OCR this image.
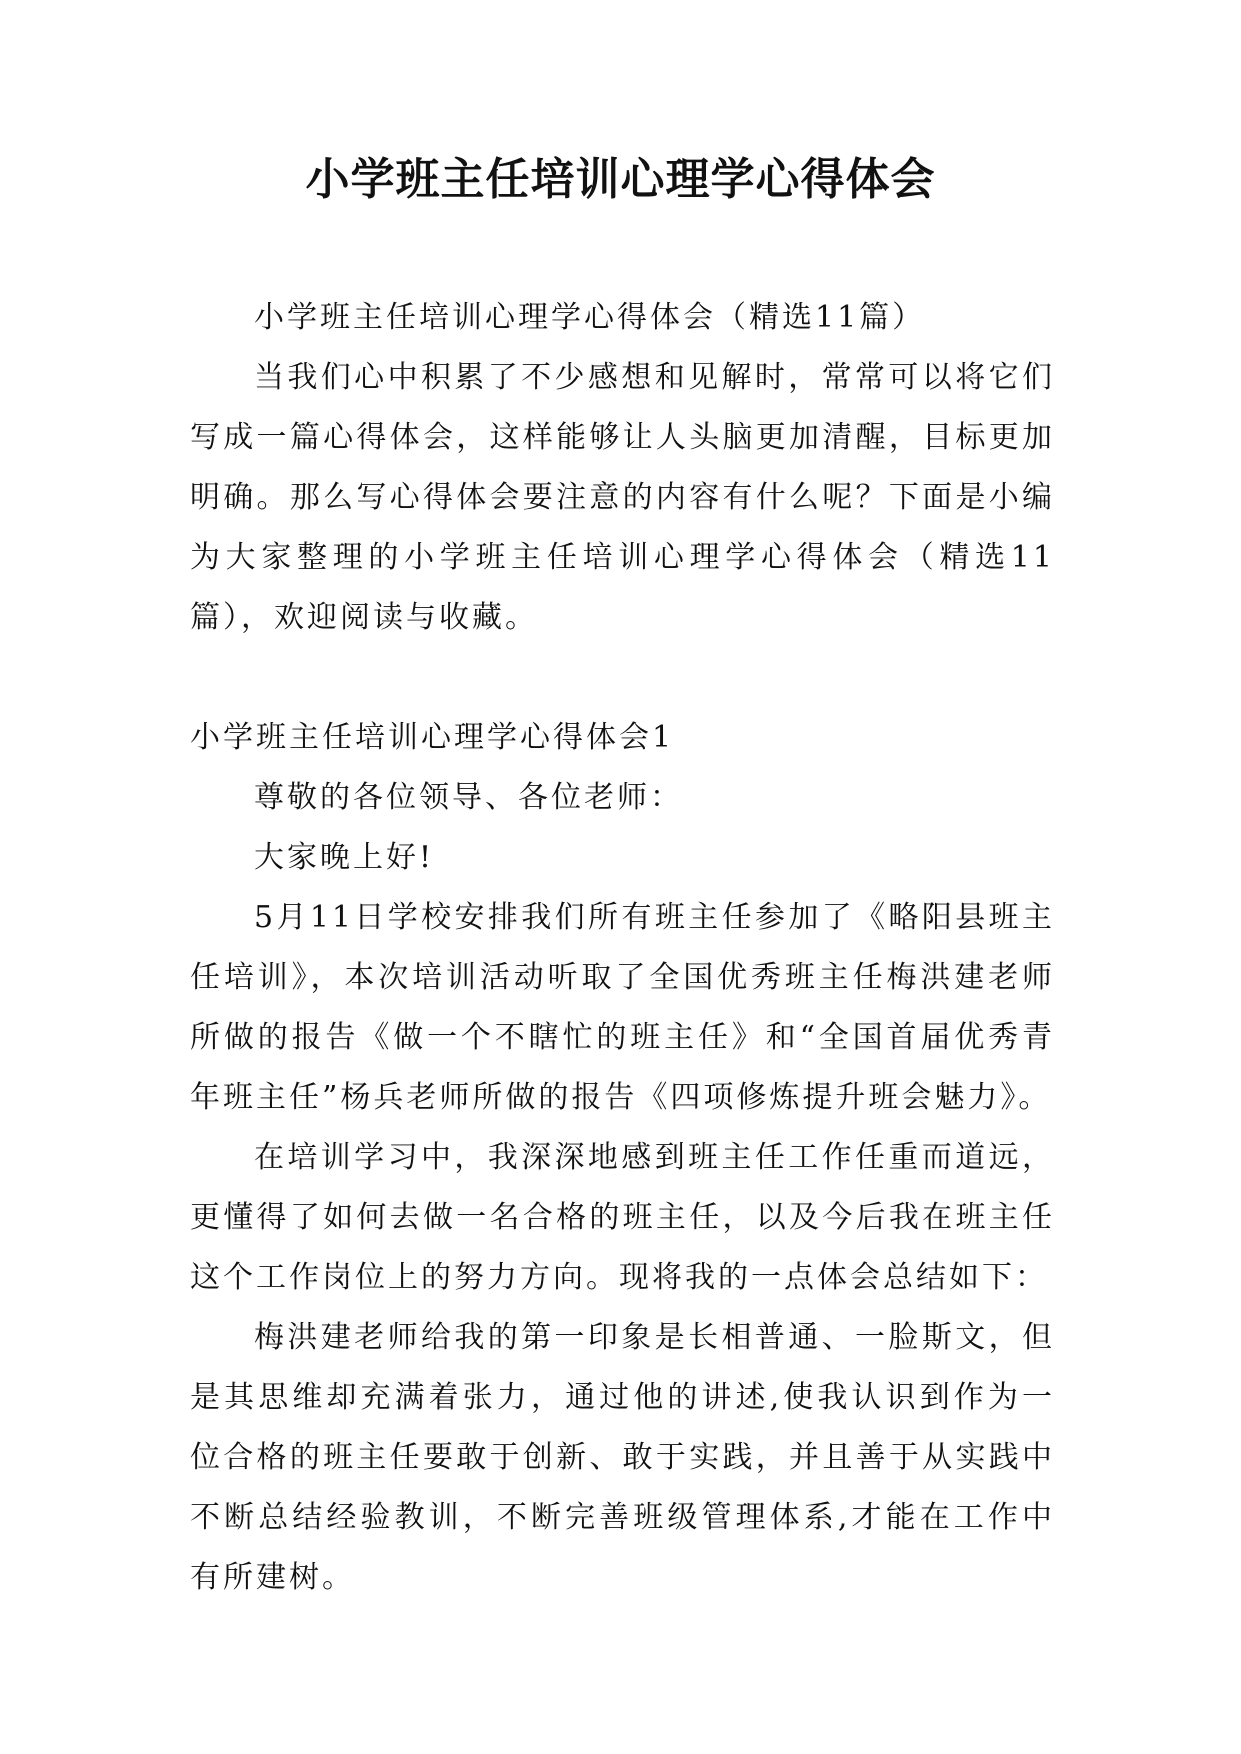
小学班主任培训心理学心得体会

小学班主任培训心理学心得体会（精选11篇）

当我们心中积累了不少感想和见解时，常常可以将它们写成一篇心得体会，这样能够让人头脑更加清醒，目标更加明确。那么写心得体会要注意的内容有什么呢？下面是小编为大家整理的小学班主任培训心理学心得体会（精选11篇），欢迎阅读与收藏。

小学班主任培训心理学心得体会1

尊敬的各位领导、各位老师：

大家晚上好!

5月11日学校安排我们所有班主任参加了《略阳县班主任培训》，本次培训活动听取了全国优秀班主任梅洪建老师所做的报告《做一个不瞎忙的班主任》和“全国首届优秀青年班主任”杨兵老师所做的报告《四项修炼提升班会魅力》。

在培训学习中，我深深地感到班主任工作任重而道远，更懂得了如何去做一名合格的班主任，以及今后我在班主任这个工作岗位上的努力方向。现将我的一点体会总结如下：

梅洪建老师给我的第一印象是长相普通、一脸斯文，但是其思维却充满着张力，通过他的讲述,使我认识到作为一位合格的班主任要敢于创新、敢于实践，并且善于从实践中不断总结经验教训，不断完善班级管理体系,才能在工作中有所建树。
